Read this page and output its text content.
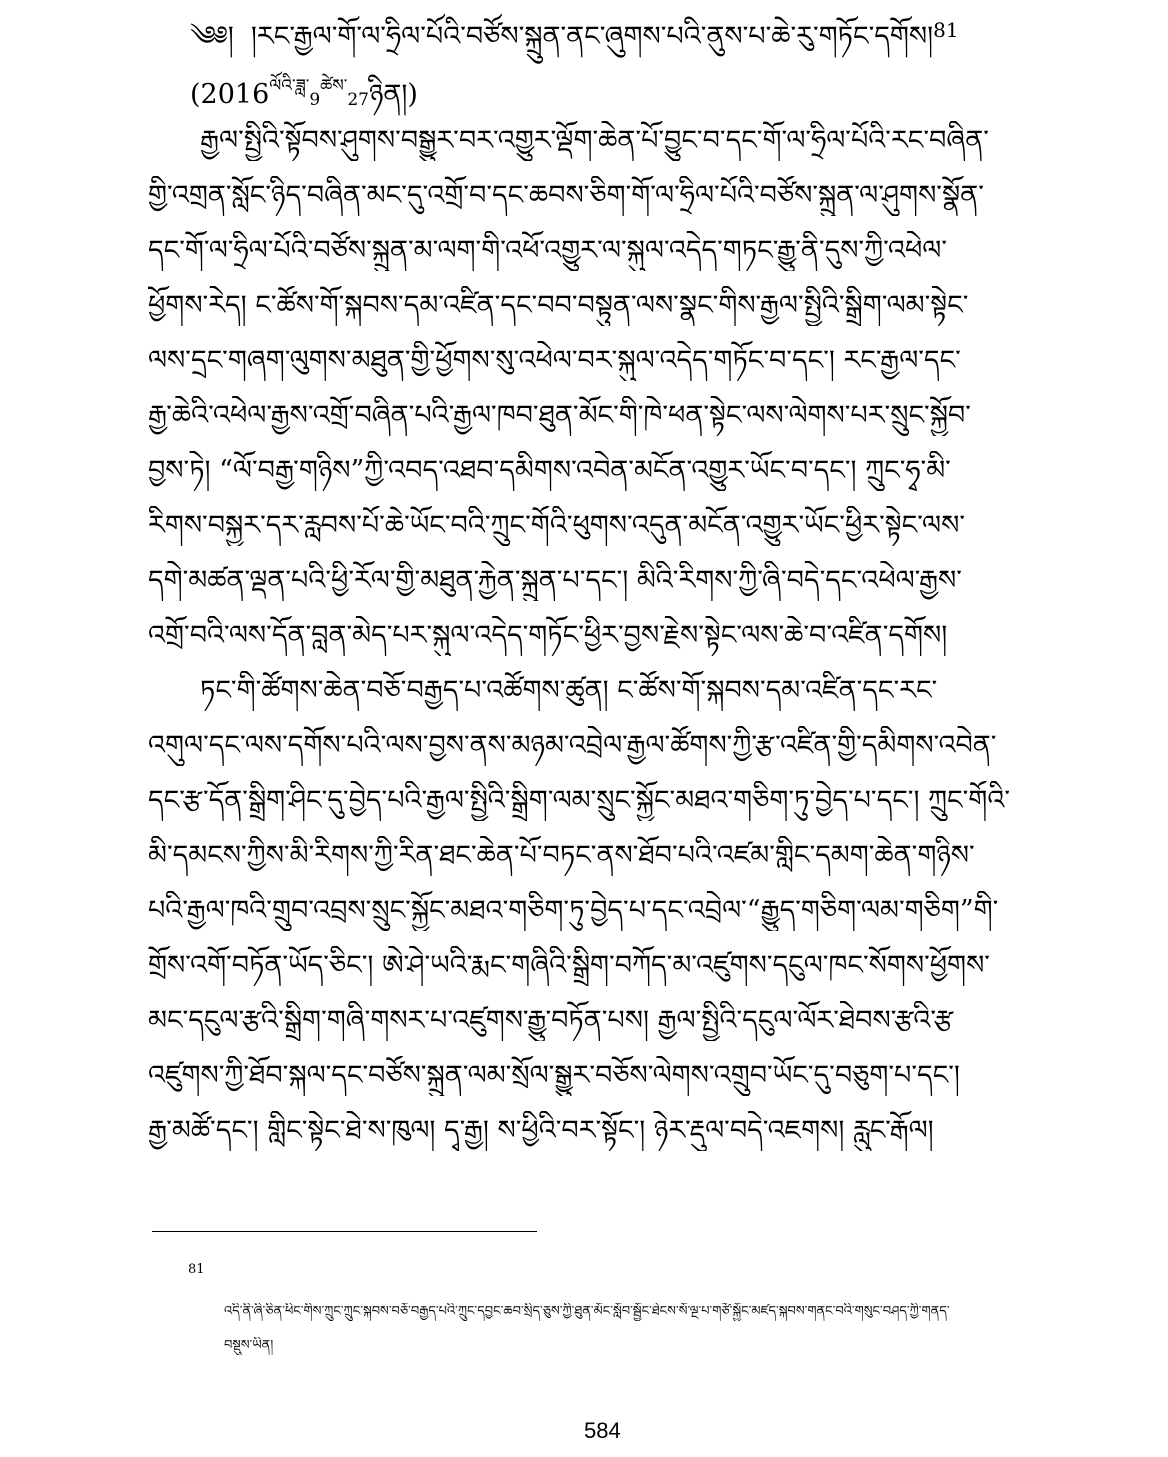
༄༅། །རང་རྒྱལ་གོ་ལ་ཧྲིལ་པོའི་བཙོས་སྐྲུན་ནང་ཞུགས་པའི་ནུས་པ་ཆེ་རུ་གཏོང་དགོས།$^{81}$
$(2016^{ལོའི་ཟླ་}9^{ཚེས་}27ཉིན།)$
རྒྱལ་སྤྱིའི་སྟོབས་ཤུགས་བསྒྱུར་བར་འགྱུར་ལྡོག་ཆེན་པོ་བྱུང་བ་དང་གོ་ལ་ཧྲིལ་པོའི་རང་བཞིན་
གྱི་འགྲན་སློང་ཉིད་བཞིན་མང་དུ་འགྲོ་བ་དང་ཆབས་ཅིག་གོ་ལ་ཧྲིལ་པོའི་བཙོས་སྐྲུན་ལ་ཤུགས་སྣོན་
དང་གོ་ལ་ཧྲིལ་པོའི་བཙོས་སྐྲུན་མ་ལག་གི་འཕོ་འགྱུར་ལ་སྐུལ་འདེད་གཏང་རྒྱུ་ནི་དུས་ཀྱི་འཕེལ་
ཕྱོགས་རེད། ང་ཚོས་གོ་སྐབས་དམ་འཛིན་དང་བབ་བསྟུན་ལས་སྣང་གིས་རྒྱལ་སྤྱིའི་སྒྲིག་ལམ་སྟེང་
ལས་དྲང་གཞག་ལུགས་མཐུན་གྱི་ཕྱོགས་སུ་འཕེལ་བར་སྐུལ་འདེད་གཏོང་བ་དང་། རང་རྒྱལ་དང་
རྒྱ་ཆེའི་འཕེལ་རྒྱས་འགྲོ་བཞིན་པའི་རྒྱལ་ཁབ་ཐུན་མོང་གི་ཁེ་ཕན་སྟེང་ལས་ལེགས་པར་སྲུང་སྐྱོབ་
བྱས་ཏེ། “ལོ་བརྒྱ་གཉིས”ཀྱི་འབད་འཐབ་དམིགས་འབེན་མངོན་འགྱུར་ཡོང་བ་དང་། ཀྲུང་ཧྭ་མི་
རིགས་བསྐྱར་དར་རླབས་པོ་ཆེ་ཡོང་བའི་ཀྲུང་གོའི་ཕུགས་འདུན་མངོན་འགྱུར་ཡོང་ཕྱིར་སྟེང་ལས་
དགེ་མཚན་ལྡན་པའི་ཕྱི་རོལ་གྱི་མཐུན་རྐྱེན་སྐྲུན་པ་དང་། མིའི་རིགས་ཀྱི་ཞི་བདེ་དང་འཕེལ་རྒྱས་
འགྲོ་བའི་ལས་དོན་བླན་མེད་པར་སྐུལ་འདེད་གཏོང་ཕྱིར་བྱས་རྗེས་སྟེང་ལས་ཆེ་བ་འཛིན་དགོས།
ཏང་གི་ཚོགས་ཆེན་བཅོ་བརྒྱད་པ་འཚོགས་ཚུན། ང་ཚོས་གོ་སྐབས་དམ་འཛིན་དང་རང་
འགུལ་དང་ལས་དགོས་པའི་ལས་བྱས་ནས་མཉམ་འབྲེལ་རྒྱལ་ཚོགས་ཀྱི་རྩ་འཛིན་གྱི་དམིགས་འབེན་
དང་རྩ་དོན་སྒྲིག་ཤིང་དུ་བྱེད་པའི་རྒྱལ་སྤྱིའི་སྒྲིག་ལམ་སྲུང་སྐྱོང་མཐའ་གཅིག་ཏུ་བྱེད་པ་དང་། ཀྲུང་གོའི་
མི་དམངས་ཀྱིས་མི་རིགས་ཀྱི་རིན་ཐང་ཆེན་པོ་བཏང་ནས་ཐོབ་པའི་འཛམ་གླིང་དམག་ཆེན་གཉིས་
པའི་རྒྱལ་ཁའི་གྲུབ་འབྲས་སྲུང་སྐྱོང་མཐའ་གཅིག་ཏུ་བྱེད་པ་དང་འབྲེལ་“རྒྱུད་གཅིག་ལམ་གཅིག”གི་
གྲོས་འགོ་བཏོན་ཡོད་ཅིང་། ཨེ་ཤེ་ཡའི་རྨང་གཞིའི་སྒྲིག་བཀོད་མ་འཛུགས་དངུལ་ཁང་སོགས་ཕྱོགས་
མང་དངུལ་རྩའི་སྒྲིག་གཞི་གསར་པ་འཛུགས་རྒྱུ་བཏོན་པས། རྒྱལ་སྤྱིའི་དངུལ་ལོར་ཐེབས་རྩའི་རྩ
འཛུགས་ཀྱི་ཐོབ་སྐལ་དང་བཙོས་སྐྲུན་ལམ་སྲོལ་སྒྱུར་བཅོས་ལེགས་འགྲུབ་ཡོང་དུ་བཅུག་པ་དང་།
རྒྱ་མཚོ་དང་། གླིང་སྟེང་ཐེ་ས་ཁུལ། དྭ་རྒྱ། ས་ཕྱིའི་བར་སྟོང་། ཉེར་རྡུལ་བདེ་འཇགས། རླུང་རྒོལ།
81
འདི་ནི་ཞི་ཅིན་ཕིང་གིས་ཀྲུང་ཀྲུང་སྐབས་བཅོ་བརྒྱད་པའི་ཀྲུང་དབྱང་ཆབ་སྲིད་ཅུས་ཀྱི་ཐུན་མོང་སློབ་སྦྱོང་ཐེངས་སོ་ལྔ་པ་གཙོ་སྐྱོང་མཛད་སྐབས་གནང་བའི་གསུང་བཤད་ཀྱི་གནད་
བསྡུས་ཡིན།
584
